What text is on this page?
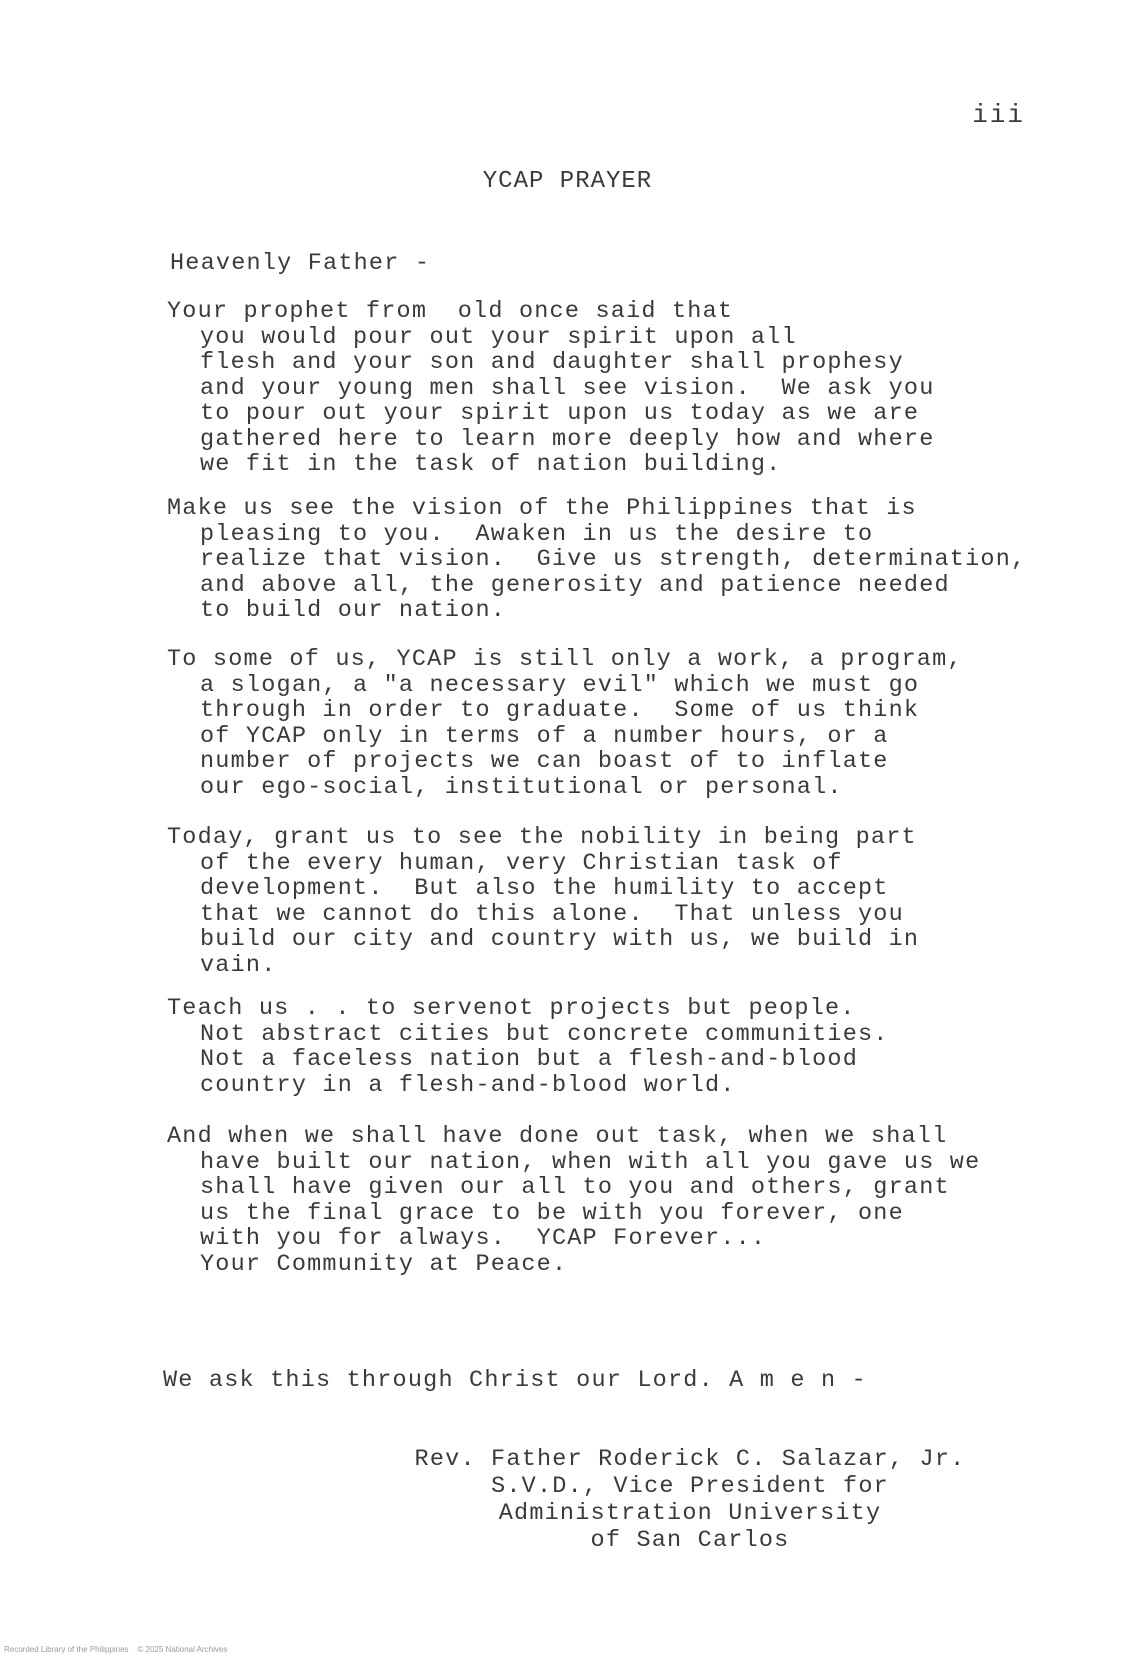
iii
YCAP PRAYER
Heavenly Father -
Your prophet from  old once said that
you would pour out your spirit upon all
flesh and your son and daughter shall prophesy
and your young men shall see vision.  We ask you
to pour out your spirit upon us today as we are
gathered here to learn more deeply how and where
we fit in the task of nation building.
Make us see the vision of the Philippines that is
pleasing to you.  Awaken in us the desire to
realize that vision.  Give us strength, determination,
and above all, the generosity and patience needed
to build our nation.
To some of us, YCAP is still only a work, a program,
a slogan, a "a necessary evil" which we must go
through in order to graduate.  Some of us think
of YCAP only in terms of a number hours, or a
number of projects we can boast of to inflate
our ego-social, institutional or personal.
Today, grant us to see the nobility in being part
of the every human, very Christian task of
development.  But also the humility to accept
that we cannot do this alone.  That unless you
build our city and country with us, we build in
vain.
Teach us . . to servenot projects but people.
Not abstract cities but concrete communities.
Not a faceless nation but a flesh-and-blood
country in a flesh-and-blood world.
And when we shall have done out task, when we shall
have built our nation, when with all you gave us we
shall have given our all to you and others, grant
us the final grace to be with you forever, one
with you for always.  YCAP Forever...
Your Community at Peace.
We ask this through Christ our Lord. A m e n -
Rev. Father Roderick C. Salazar, Jr.
S.V.D., Vice President for
Administration University
of San Carlos
Recorded Library of the Philippines    © 2025 National Archives
